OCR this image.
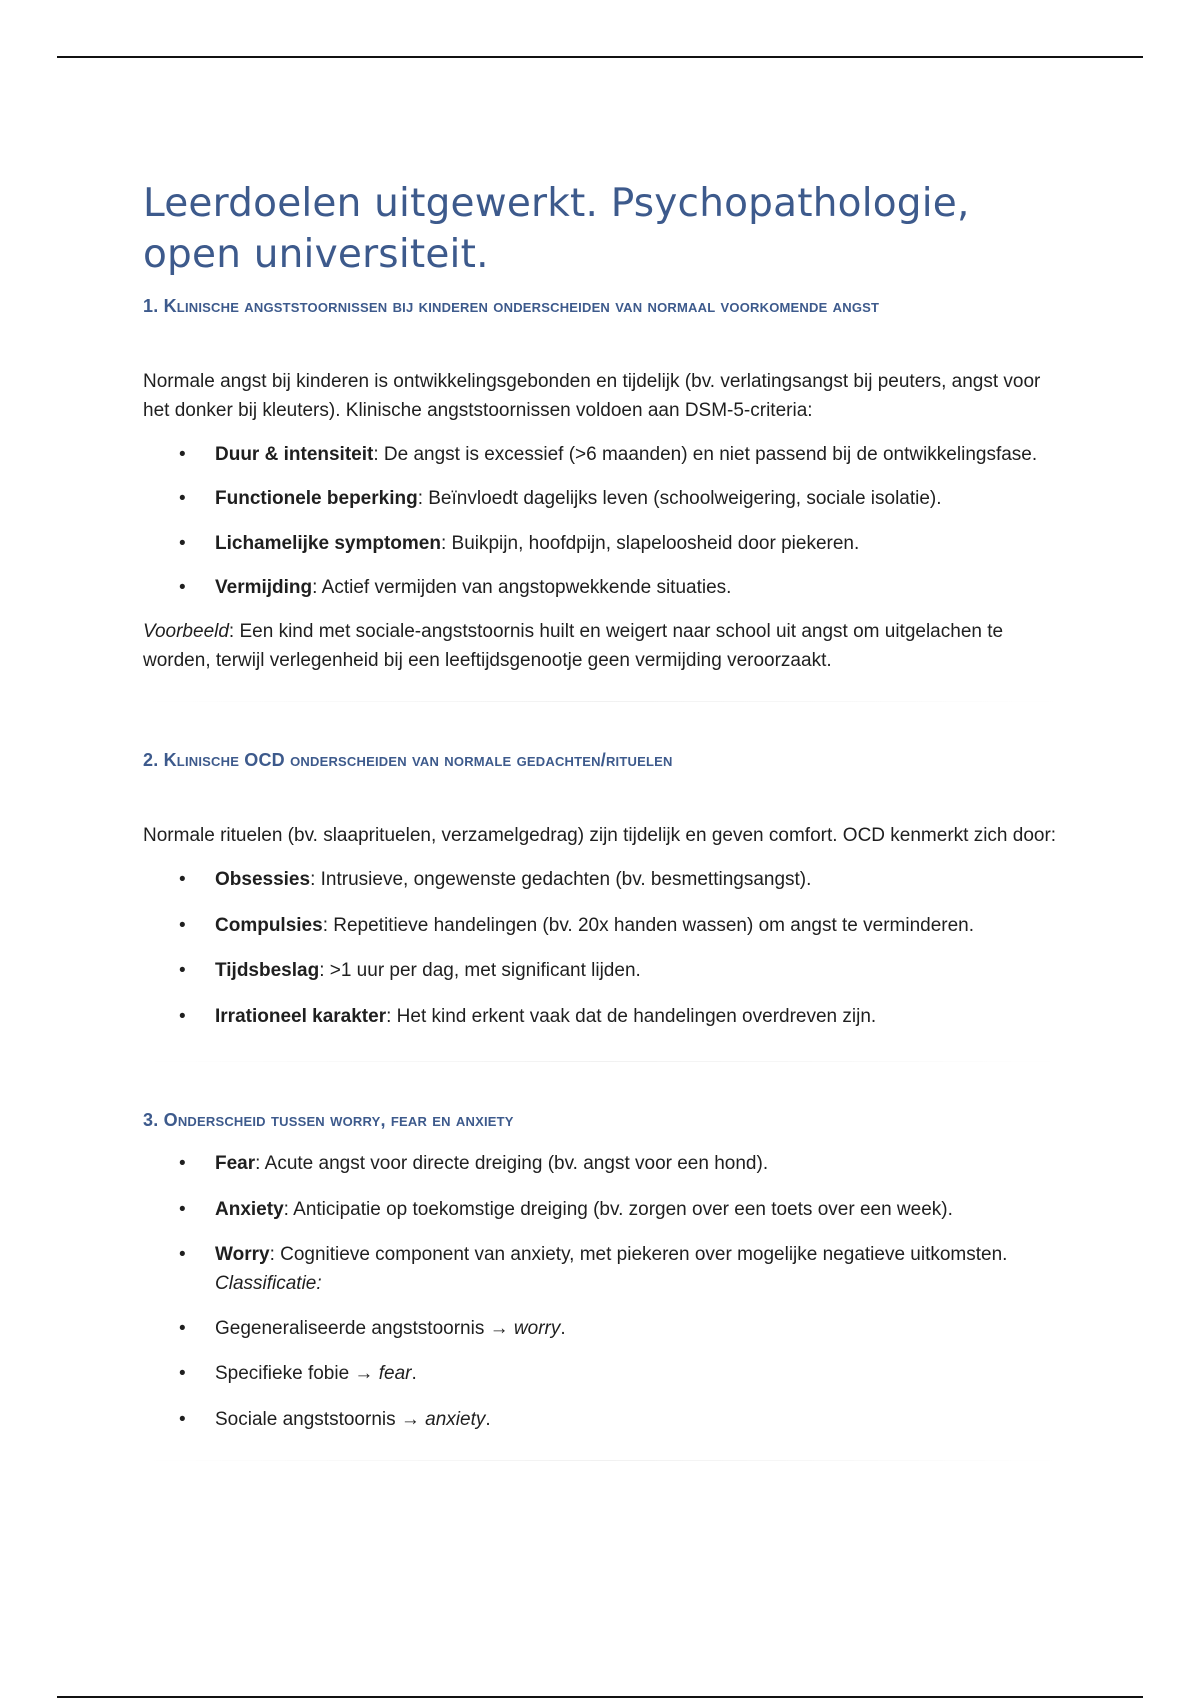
Leerdoelen uitgewerkt. Psychopathologie, open universiteit.
1. Klinische angststoornissen bij kinderen onderscheiden van normaal voorkomende angst

Normale angst bij kinderen is ontwikkelingsgebonden en tijdelijk (bv. verlatingsangst bij peuters, angst voor het donker bij kleuters). Klinische angststoornissen voldoen aan DSM-5-criteria:

• Duur & intensiteit: De angst is excessief (>6 maanden) en niet passend bij de ontwikkelingsfase.
• Functionele beperking: Beïnvloedt dagelijks leven (schoolweigering, sociale isolatie).
• Lichamelijke symptomen: Buikpijn, hoofdpijn, slapeloosheid door piekeren.
• Vermijding: Actief vermijden van angstopwekkende situaties.

Voorbeeld: Een kind met sociale-angststoornis huilt en weigert naar school uit angst om uitgelachen te worden, terwijl verlegenheid bij een leeftijdsgenootje geen vermijding veroorzaakt.

2. Klinische OCD onderscheiden van normale gedachten/rituelen

Normale rituelen (bv. slaaprituelen, verzamelgedrag) zijn tijdelijk en geven comfort. OCD kenmerkt zich door:

• Obsessies: Intrusieve, ongewenste gedachten (bv. besmettingsangst).
• Compulsies: Repetitieve handelingen (bv. 20x handen wassen) om angst te verminderen.
• Tijdsbeslag: >1 uur per dag, met significant lijden.
• Irrationeel karakter: Het kind erkent vaak dat de handelingen overdreven zijn.
3. Onderscheid tussen worry, fear en anxiety
• Fear: Acute angst voor directe dreiging (bv. angst voor een hond).
• Anxiety: Anticipatie op toekomstige dreiging (bv. zorgen over een toets over een week).
• Worry: Cognitieve component van anxiety, met piekeren over mogelijke negatieve uitkomsten.
Classificatie:
• Gegeneraliseerde angststoornis → worry.
• Specifieke fobie → fear.
• Sociale angststoornis → anxiety.
